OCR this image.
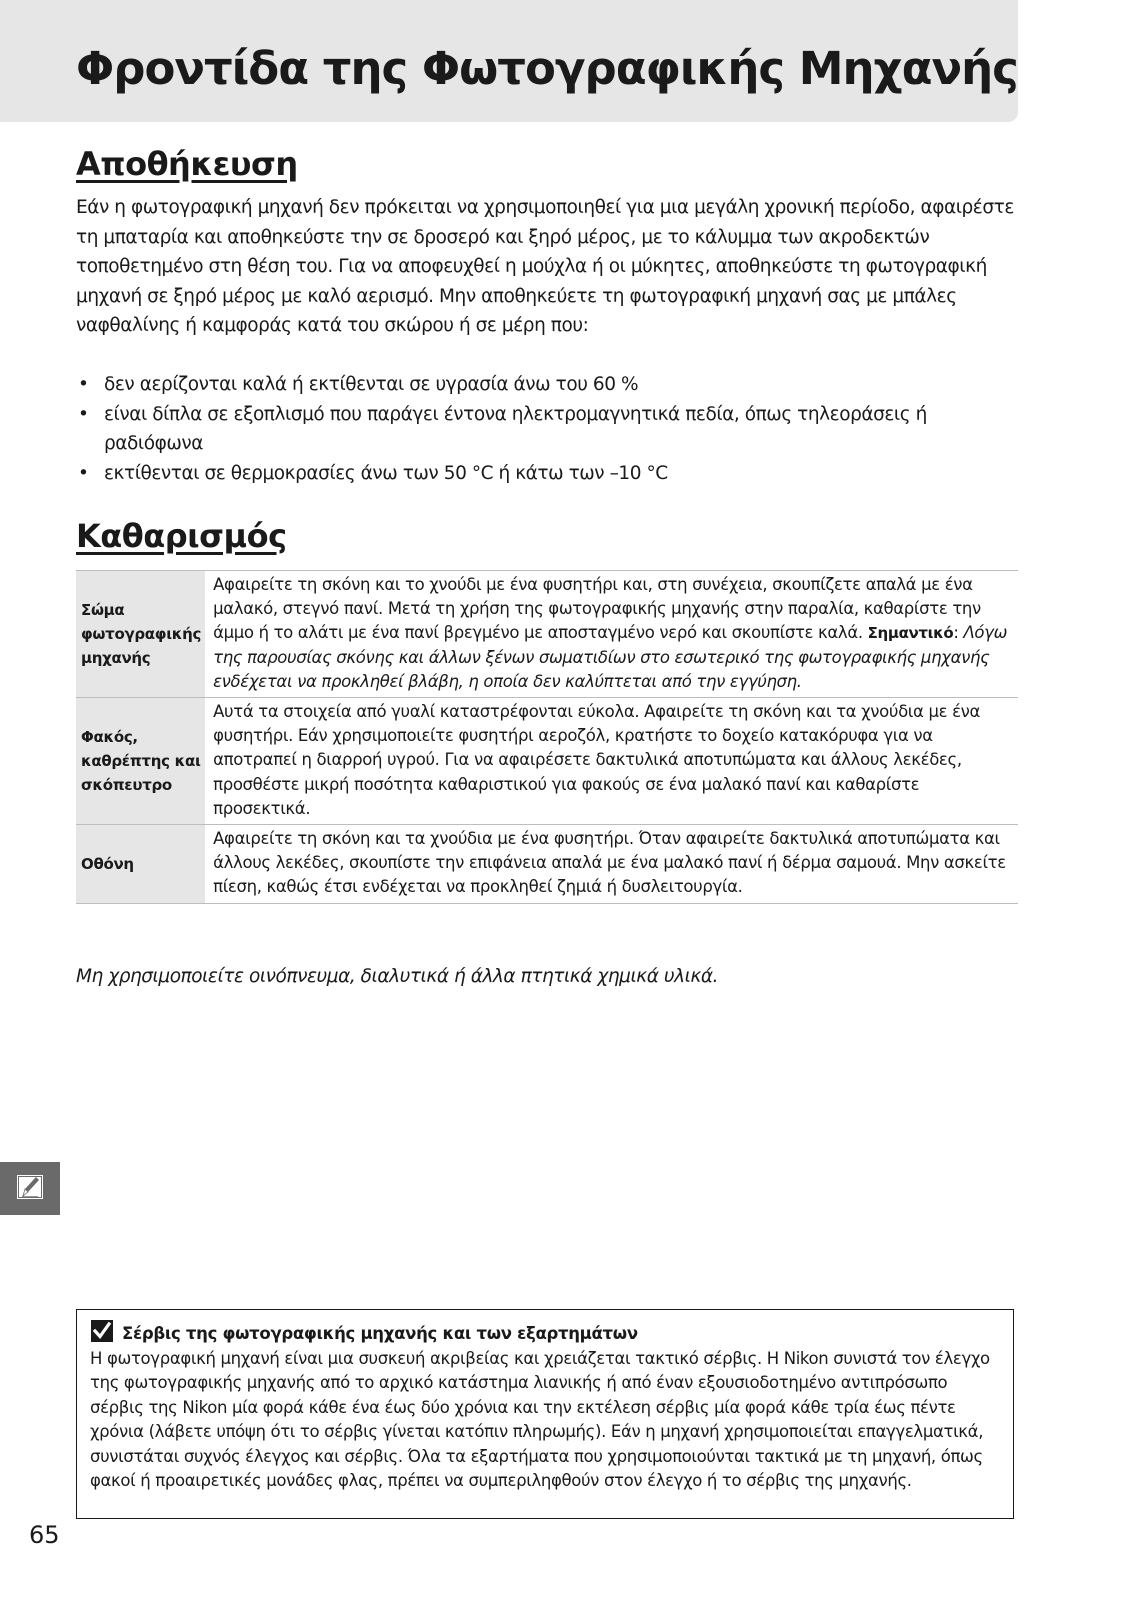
Φροντίδα της Φωτογραφικής Μηχανής
Αποθήκευση

Εάν η φωτογραφική μηχανή δεν πρόκειται να χρησιμοποιηθεί για μια μεγάλη χρονική περίοδο, αφαιρέστε τη μπαταρία και αποθηκεύστε την σε δροσερό και ξηρό μέρος, με το κάλυμμα των ακροδεκτών τοποθετημένο στη θέση του. Για να αποφευχθεί η μούχλα ή οι μύκητες, αποθηκεύστε τη φωτογραφική μηχανή σε ξηρό μέρος με καλό αερισμό. Μην αποθηκεύετε τη φωτογραφική μηχανή σας με μπάλες ναφθαλίνης ή καμφοράς κατά του σκώρου ή σε μέρη που:

• δεν αερίζονται καλά ή εκτίθενται σε υγρασία άνω του 60 %
• είναι δίπλα σε εξοπλισμό που παράγει έντονα ηλεκτρομαγνητικά πεδία, όπως τηλεοράσεις ή ραδιόφωνα
• εκτίθενται σε θερμοκρασίες άνω των 50 °C ή κάτω των –10 °C
Καθαρισμός
Σώμα φωτογραφικής μηχανής	Αφαιρείτε τη σκόνη και το χνούδι με ένα φυσητήρι και, στη συνέχεια, σκουπίζετε απαλά με ένα μαλακό, στεγνό πανί. Μετά τη χρήση της φωτογραφικής μηχανής στην παραλία, καθαρίστε την άμμο ή το αλάτι με ένα πανί βρεγμένο με αποσταγμένο νερό και σκουπίστε καλά. Σημαντικό: Λόγω της παρουσίας σκόνης και άλλων ξένων σωματιδίων στο εσωτερικό της φωτογραφικής μηχανής ενδέχεται να προκληθεί βλάβη, η οποία δεν καλύπτεται από την εγγύηση.
Φακός, καθρέπτης και σκόπευτρο	Αυτά τα στοιχεία από γυαλί καταστρέφονται εύκολα. Αφαιρείτε τη σκόνη και τα χνούδια με ένα φυσητήρι. Εάν χρησιμοποιείτε φυσητήρι αεροζόλ, κρατήστε το δοχείο κατακόρυφα για να αποτραπεί η διαρροή υγρού. Για να αφαιρέσετε δακτυλικά αποτυπώματα και άλλους λεκέδες, προσθέστε μικρή ποσότητα καθαριστικού για φακούς σε ένα μαλακό πανί και καθαρίστε προσεκτικά.
Οθόνη	Αφαιρείτε τη σκόνη και τα χνούδια με ένα φυσητήρι. Όταν αφαιρείτε δακτυλικά αποτυπώματα και άλλους λεκέδες, σκουπίστε την επιφάνεια απαλά με ένα μαλακό πανί ή δέρμα σαμουά. Μην ασκείτε πίεση, καθώς έτσι ενδέχεται να προκληθεί ζημιά ή δυσλειτουργία.

Μη χρησιμοποιείτε οινόπνευμα, διαλυτικά ή άλλα πτητικά χημικά υλικά.

Σέρβις της φωτογραφικής μηχανής και των εξαρτημάτων

Η φωτογραφική μηχανή είναι μια συσκευή ακριβείας και χρειάζεται τακτικό σέρβις. Η Nikon συνιστά τον έλεγχο της φωτογραφικής μηχανής από το αρχικό κατάστημα λιανικής ή από έναν εξουσιοδοτημένο αντιπρόσωπο σέρβις της Nikon μία φορά κάθε ένα έως δύο χρόνια και την εκτέλεση σέρβις μία φορά κάθε τρία έως πέντε χρόνια (λάβετε υπόψη ότι το σέρβις γίνεται κατόπιν πληρωμής). Εάν η μηχανή χρησιμοποιείται επαγγελματικά, συνιστάται συχνός έλεγχος και σέρβις. Όλα τα εξαρτήματα που χρησιμοποιούνται τακτικά με τη μηχανή, όπως φακοί ή προαιρετικές μονάδες φλας, πρέπει να συμπεριληφθούν στον έλεγχο ή το σέρβις της μηχανής.

65
